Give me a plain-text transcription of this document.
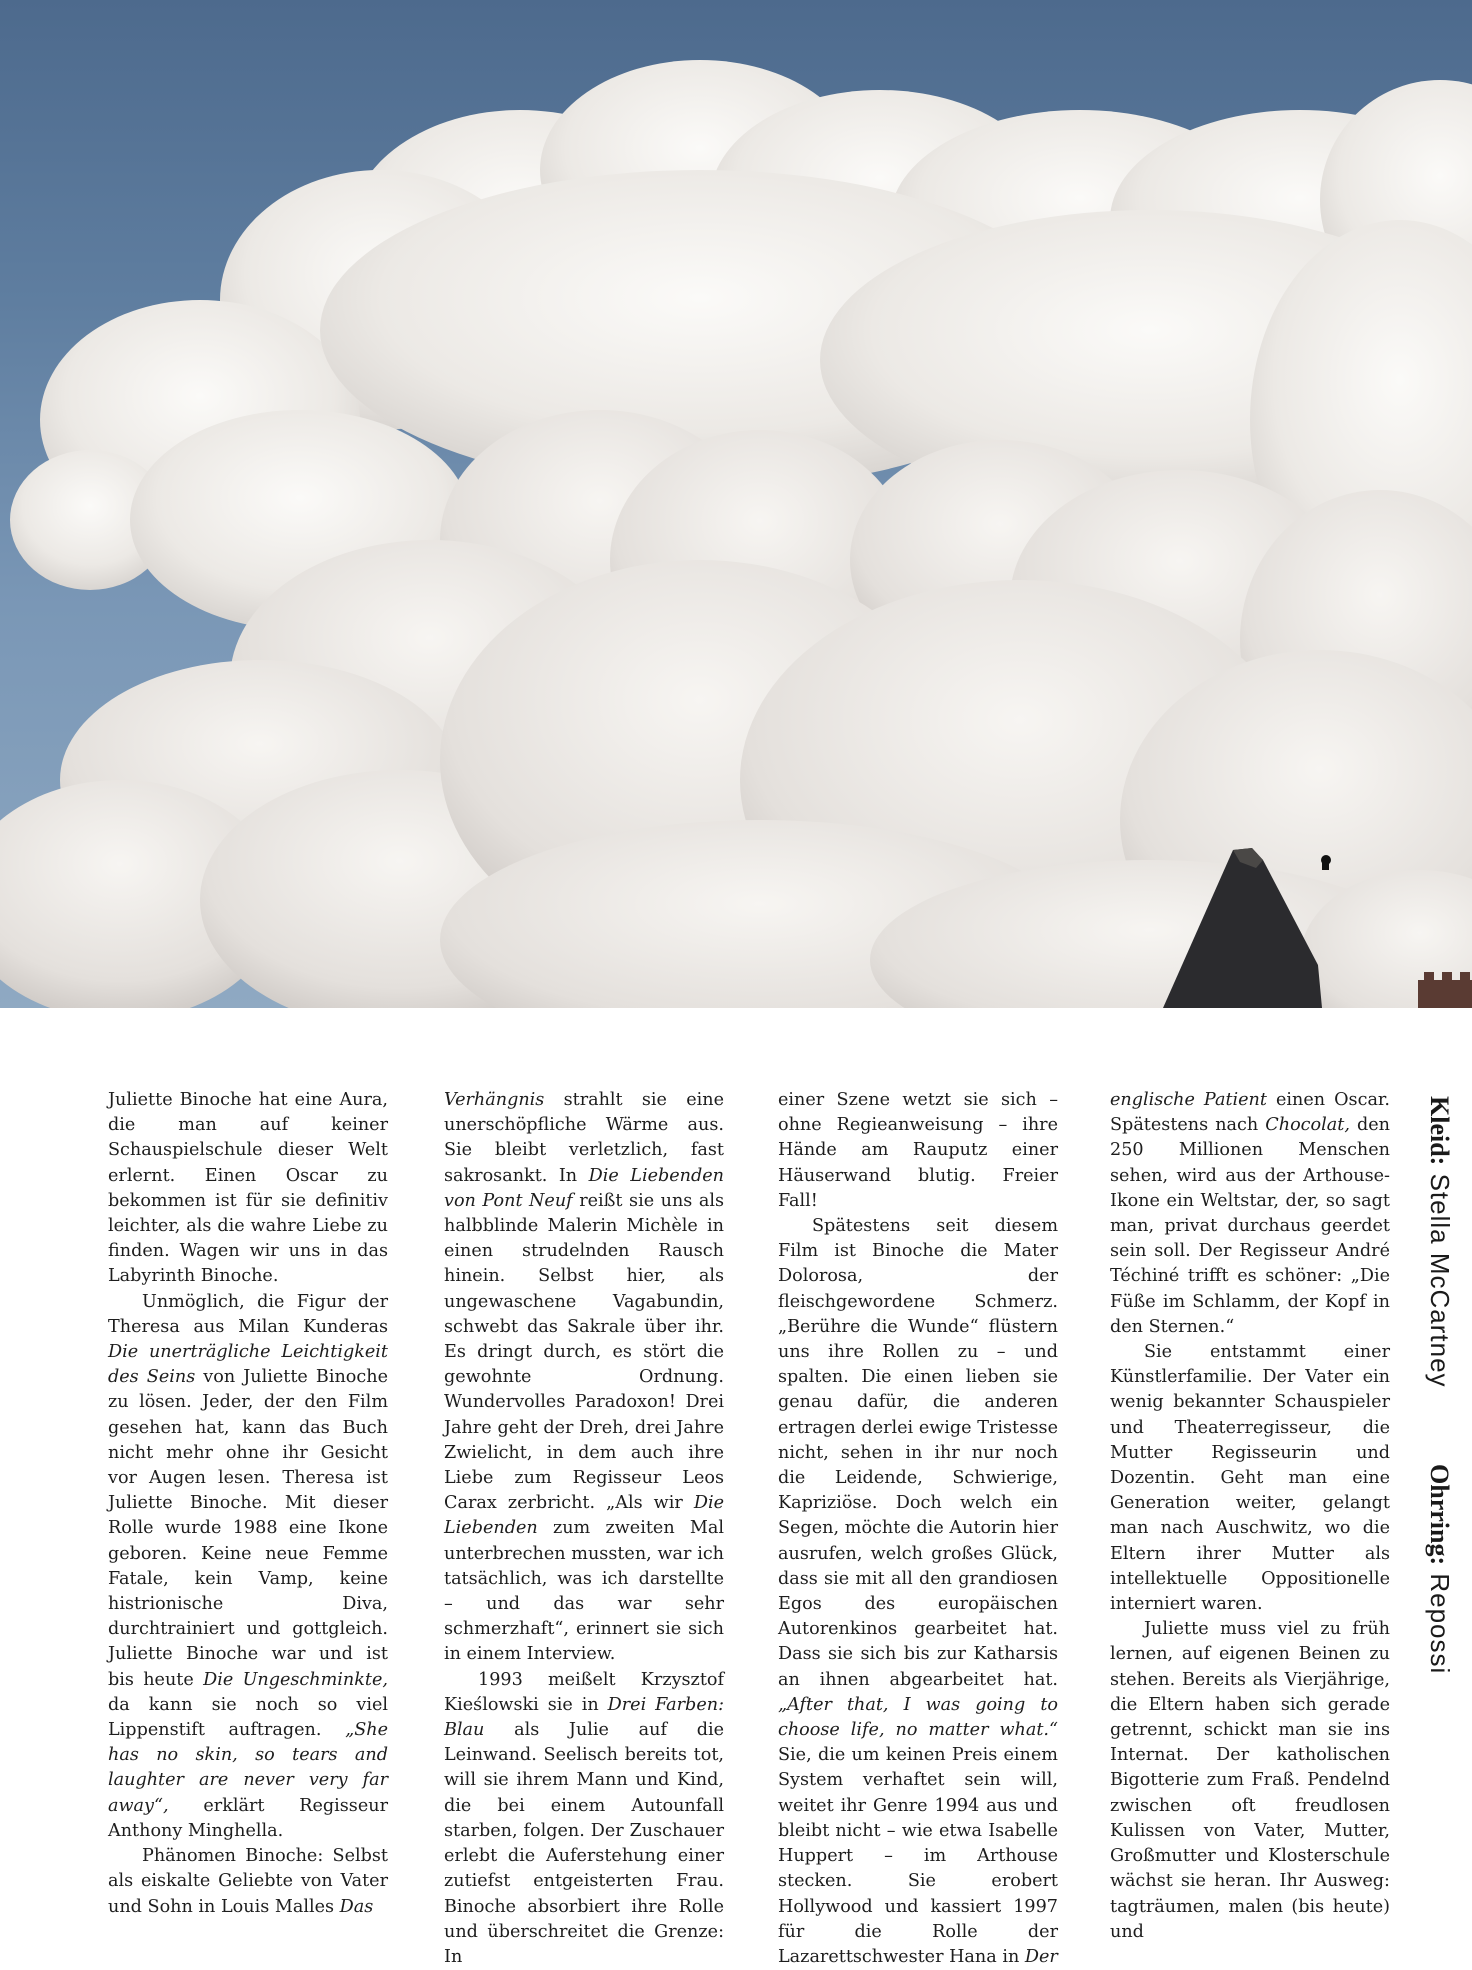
Juliette Binoche hat eine Aura, die man auf keiner Schauspielschule dieser Welt erlernt. Einen Oscar zu bekommen ist für sie definitiv leichter, als die wahre Liebe zu finden. Wagen wir uns in das Labyrinth Binoche.

Unmöglich, die Figur der Theresa aus Milan Kunderas Die unerträgliche Leichtigkeit des Seins von Juliette Binoche zu lösen. Jeder, der den Film gesehen hat, kann das Buch nicht mehr ohne ihr Gesicht vor Augen lesen. Theresa ist Juliette Binoche. Mit dieser Rolle wurde 1988 eine Ikone geboren. Keine neue Femme Fatale, kein Vamp, keine histrionische Diva, durchtrainiert und gottgleich. Juliette Binoche war und ist bis heute Die Ungeschminkte, da kann sie noch so viel Lippenstift auftragen. „She has no skin, so tears and laughter are never very far away“, erklärt Regisseur Anthony Minghella.

Phänomen Binoche: Selbst als eiskalte Geliebte von Vater und Sohn in Louis Malles Das

Verhängnis strahlt sie eine unerschöpfliche Wärme aus. Sie bleibt verletzlich, fast sakrosankt. In Die Liebenden von Pont Neuf reißt sie uns als halbblinde Malerin Michèle in einen strudelnden Rausch hinein. Selbst hier, als ungewaschene Vagabundin, schwebt das Sakrale über ihr. Es dringt durch, es stört die gewohnte Ordnung. Wundervolles Paradoxon! Drei Jahre geht der Dreh, drei Jahre Zwielicht, in dem auch ihre Liebe zum Regisseur Leos Carax zerbricht. „Als wir Die Liebenden zum zweiten Mal unterbrechen mussten, war ich tatsächlich, was ich darstellte – und das war sehr schmerzhaft“, erinnert sie sich in einem Interview.

1993 meißelt Krzysztof Kieślowski sie in Drei Farben: Blau als Julie auf die Leinwand. Seelisch bereits tot, will sie ihrem Mann und Kind, die bei einem Autounfall starben, folgen. Der Zuschauer erlebt die Auferstehung einer zutiefst entgeisterten Frau. Binoche absorbiert ihre Rolle und überschreitet die Grenze: In

einer Szene wetzt sie sich – ohne Regieanweisung – ihre Hände am Rauputz einer Häuserwand blutig. Freier Fall!

Spätestens seit diesem Film ist Binoche die Mater Dolorosa, der fleischgewordene Schmerz. „Berühre die Wunde“ flüstern uns ihre Rollen zu – und spalten. Die einen lieben sie genau dafür, die anderen ertragen derlei ewige Tristesse nicht, sehen in ihr nur noch die Leidende, Schwierige, Kapriziöse. Doch welch ein Segen, möchte die Autorin hier ausrufen, welch großes Glück, dass sie mit all den grandiosen Egos des europäischen Autorenkinos gearbeitet hat. Dass sie sich bis zur Katharsis an ihnen abgearbeitet hat. „After that, I was going to choose life, no matter what.“ Sie, die um keinen Preis einem System verhaftet sein will, weitet ihr Genre 1994 aus und bleibt nicht – wie etwa Isabelle Huppert – im Arthouse stecken. Sie erobert Hollywood und kassiert 1997 für die Rolle der Lazarettschwester Hana in Der

englische Patient einen Oscar. Spätestens nach Chocolat, den 250 Millionen Menschen sehen, wird aus der Arthouse-Ikone ein Weltstar, der, so sagt man, privat durchaus geerdet sein soll. Der Regisseur André Téchiné trifft es schöner: „Die Füße im Schlamm, der Kopf in den Sternen.“

Sie entstammt einer Künstlerfamilie. Der Vater ein wenig bekannter Schauspieler und Theaterregisseur, die Mutter Regisseurin und Dozentin. Geht man eine Generation weiter, gelangt man nach Auschwitz, wo die Eltern ihrer Mutter als intellektuelle Oppositionelle interniert waren.

Juliette muss viel zu früh lernen, auf eigenen Beinen zu stehen. Bereits als Vierjährige, die Eltern haben sich gerade getrennt, schickt man sie ins Internat. Der katholischen Bigotterie zum Fraß. Pendelnd zwischen oft freudlosen Kulissen von Vater, Mutter, Großmutter und Klosterschule wächst sie heran. Ihr Ausweg: tagträumen, malen (bis heute) und

Kleid: Stella McCartney  Ohrring: Repossi
